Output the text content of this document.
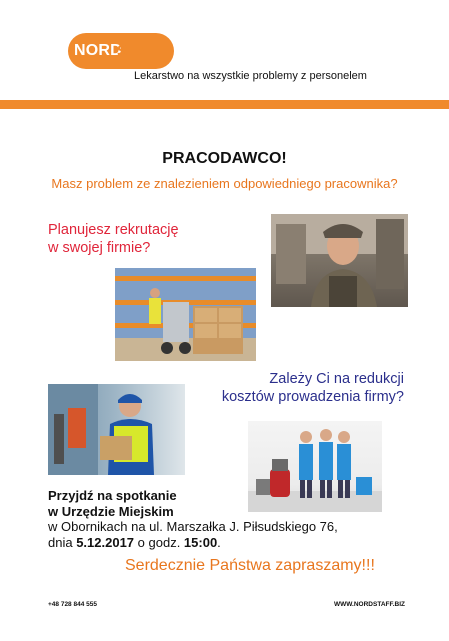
NORD
STAFF
Lekarstwo na wszystkie problemy z personelem
PRACODAWCO!
Masz problem ze znalezieniem odpowiedniego pracownika?
Planujesz rekrutację
w swojej firmie?
Zależy Ci na redukcji
kosztów prowadzenia firmy?
Przyjdź na spotkanie
w Urzędzie Miejskim
w Obornikach na ul. Marszałka J. Piłsudskiego 76,
dnia 5.12.2017 o godz. 15:00.
Serdecznie Państwa zapraszamy!!!
+48 728 844 555	WWW.NORDSTAFF.BIZ
